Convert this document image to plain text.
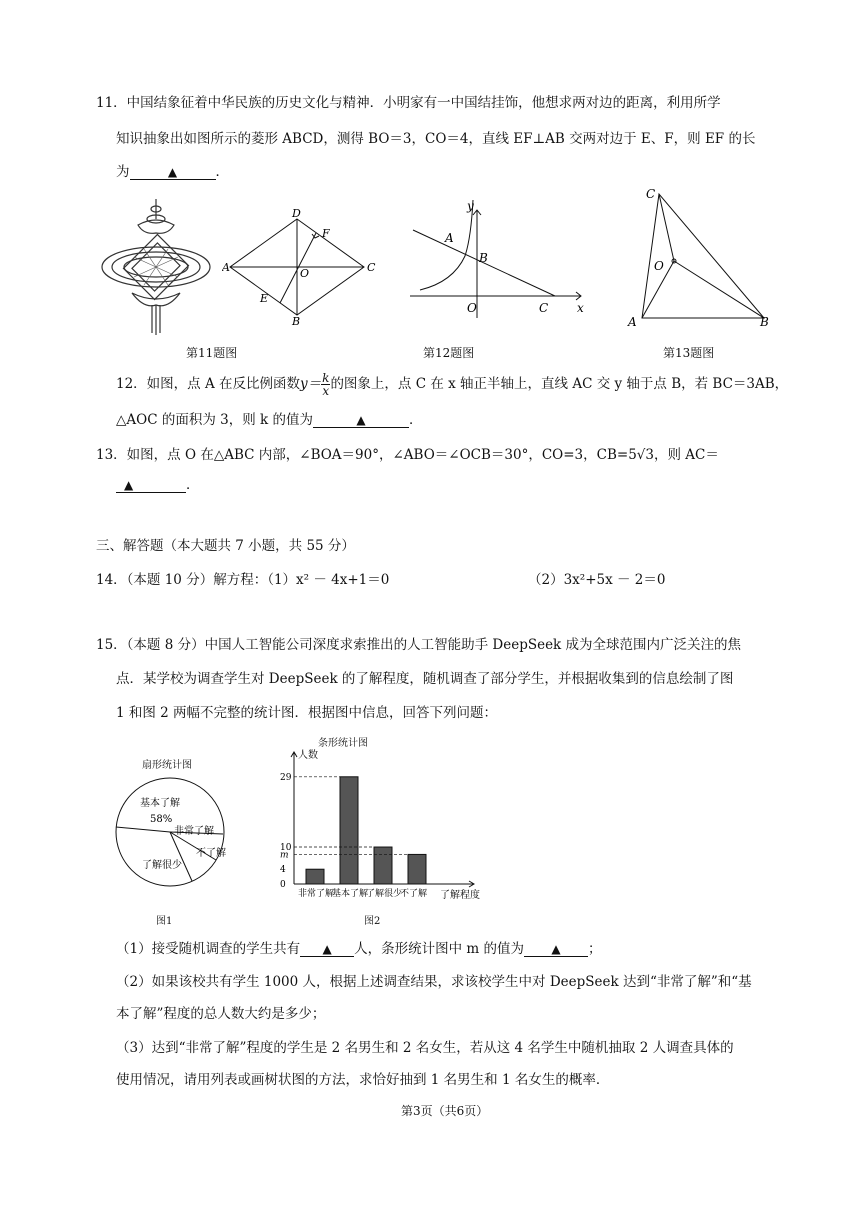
11．中国结象征着中华民族的历史文化与精神．小明家有一中国结挂饰，他想求两对边的距离，利用所学
知识抽象出如图所示的菱形 ABCD，测得 BO＝3，CO＝4，直线 EF⊥AB 交两对边于 E、F，则 EF 的长
为	▲	．
D
A	C
B
O
F
E
第11题图
y
x
A
B
O	C
第12题图
C
O
A	B
第13题图
12．如图，点 A 在反比例函数$y= \frac{k}{x}$ 的图象上，点 C 在 x 轴正半轴上，直线 AC 交 y 轴于点 B，若 BC＝3AB，
△AOC 的面积为 3，则 k 的值为	▲	．
13．如图，点 O 在△ABC 内部，∠BOA＝90°，∠ABO＝∠OCB＝30°，CO=3，CB=5√3，则 AC＝
▲	．
三、解答题（本大题共 7 小题，共 55 分）
14．（本题 10 分）解方程：（1）x² － 4x+1＝0	（2）3x²+5x － 2＝0
15．（本题 8 分）中国人工智能公司深度求索推出的人工智能助手 DeepSeek 成为全球范围内广泛关注的焦
点．某学校为调查学生对 DeepSeek 的了解程度，随机调查了部分学生，并根据收集到的信息绘制了图
1 和图 2 两幅不完整的统计图．根据图中信息，回答下列问题：
扇形统计图
基本了解
58%
非常了解
不了解
了解很少
图1
条形统计图
人数
了解程度
0
4
m
10
29
非常了解
基本了解
了解很少
不了解
图2
（1）接受随机调查的学生共有 ▲ 人，条形统计图中 m 的值为 ▲ ；
（2）如果该校共有学生 1000 人，根据上述调查结果，求该校学生中对 DeepSeek 达到“非常了解”和“基
本了解”程度的总人数大约是多少；
（3）达到“非常了解”程度的学生是 2 名男生和 2 名女生，若从这 4 名学生中随机抽取 2 人调查具体的
使用情况，请用列表或画树状图的方法，求恰好抽到 1 名男生和 1 名女生的概率．
第3页（共6页）
